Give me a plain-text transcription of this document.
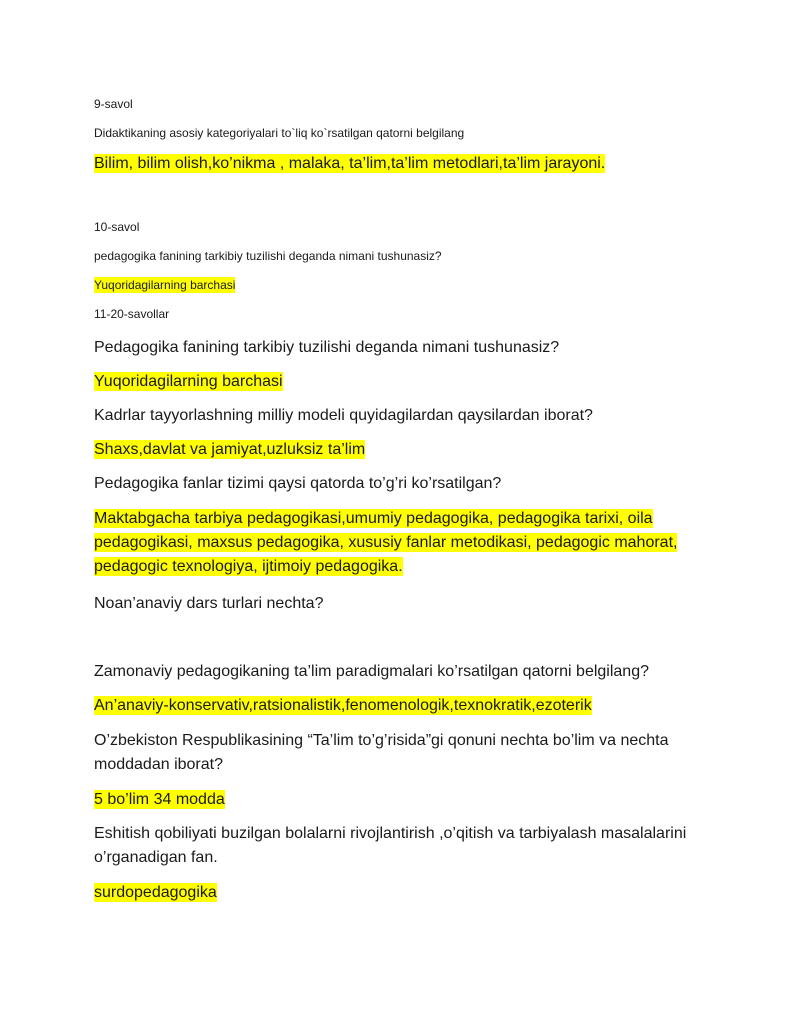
9-savol
Didaktikaning asosiy kategoriyalari to`liq ko`rsatilgan qatorni belgilang
Bilim, bilim olish,ko’nikma , malaka, ta’lim,ta’lim metodlari,ta’lim jarayoni.
10-savol
pedagogika fanining tarkibiy tuzilishi deganda nimani tushunasiz?
Yuqoridagilarning barchasi
11-20-savollar
Pedagogika fanining tarkibiy tuzilishi deganda nimani tushunasiz?
Yuqoridagilarning barchasi
Kadrlar tayyorlashning milliy modeli quyidagilardan qaysilardan iborat?
Shaxs,davlat va jamiyat,uzluksiz ta’lim
Pedagogika fanlar tizimi qaysi qatorda to’g’ri ko’rsatilgan?
Maktabgacha tarbiya pedagogikasi,umumiy pedagogika, pedagogika tarixi, oila pedagogikasi, maxsus pedagogika, xususiy fanlar metodikasi, pedagogic mahorat, pedagogic texnologiya, ijtimoiy pedagogika.
Noan’anaviy dars turlari nechta?
Zamonaviy pedagogikaning ta’lim paradigmalari ko’rsatilgan qatorni belgilang?
An’anaviy-konservativ,ratsionalistik,fenomenologik,texnokratik,ezoterik
O’zbekiston Respublikasining “Ta’lim to’g’risida”gi qonuni nechta bo’lim va nechta moddadan iborat?
5 bo’lim 34 modda
Eshitish qobiliyati buzilgan bolalarni rivojlantirish ,o’qitish va tarbiyalash masalalarini o’rganadigan fan.
surdopedagogika
